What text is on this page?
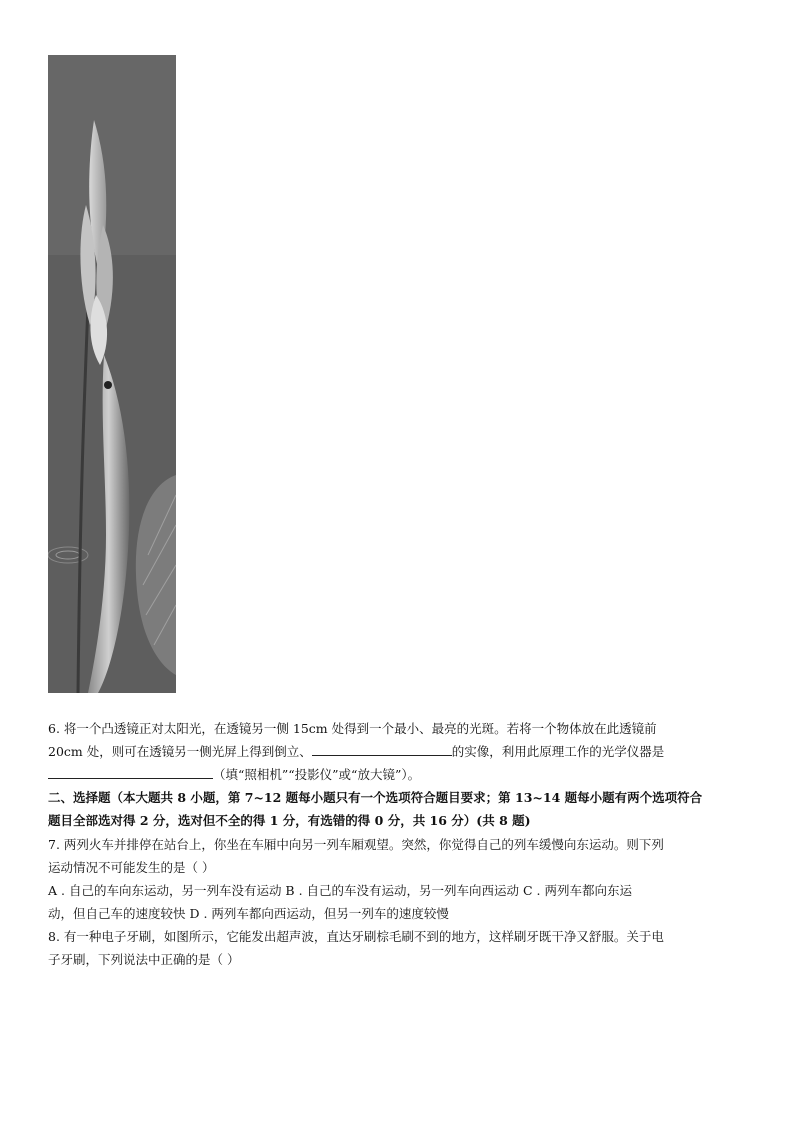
6. 将一个凸透镜正对太阳光，在透镜另一侧 15cm 处得到一个最小、最亮的光斑。若将一个物体放在此透镜前
20cm 处，则可在透镜另一侧光屏上得到倒立、	的实像，利用此原理工作的光学仪器是
（填“照相机”“投影仪”或“放大镜”）。
二、选择题（本大题共 8 小题，第 7~12 题每小题只有一个选项符合题目要求；第 13~14 题每小题有两个选项符合
题目全部选对得 2 分，选对但不全的得 1 分，有选错的得 0 分，共 16 分）(共 8 题)
7. 两列火车并排停在站台上，你坐在车厢中向另一列车厢观望。突然，你觉得自己的列车缓慢向东运动。则下列
运动情况不可能发生的是（ ）
A . 自己的车向东运动，另一列车没有运动 B . 自己的车没有运动，另一列车向西运动 C . 两列车都向东运
动，但自己车的速度较快 D . 两列车都向西运动，但另一列车的速度较慢
8. 有一种电子牙刷，如图所示，它能发出超声波，直达牙刷棕毛刷不到的地方，这样刷牙既干净又舒服。关于电
子牙刷，下列说法中正确的是（ ）
